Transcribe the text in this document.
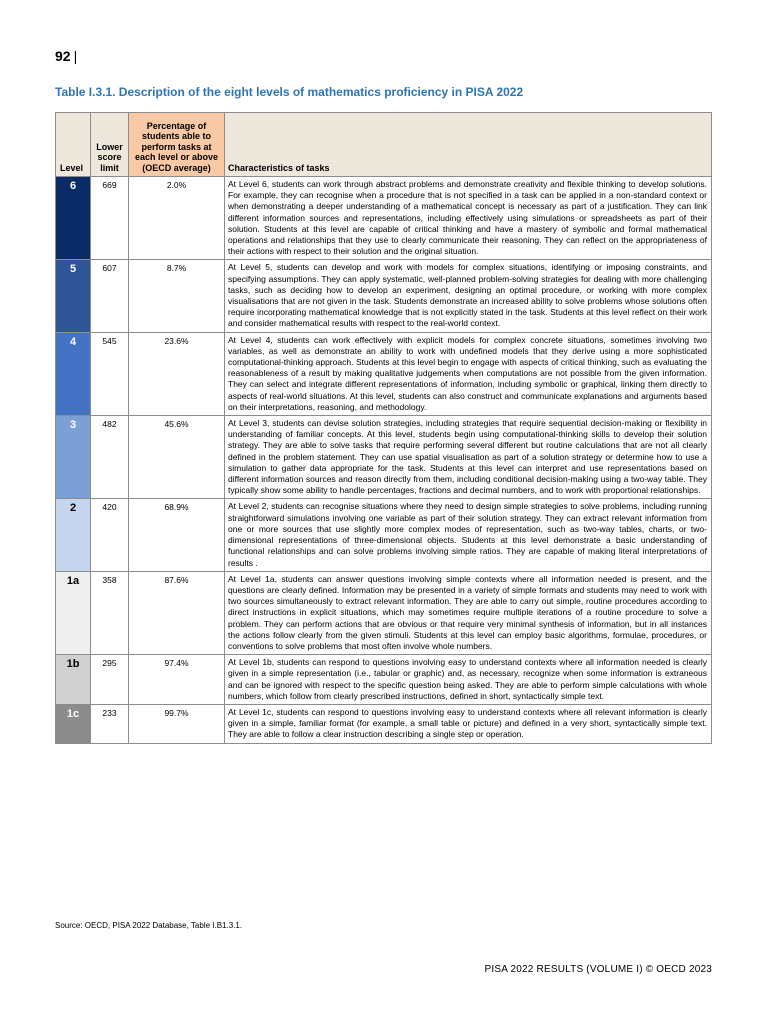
92 |
Table I.3.1. Description of the eight levels of mathematics proficiency in PISA 2022
Level	Lower score limit	Percentage of students able to perform tasks at each level or above (OECD average)	Characteristics of tasks
6	669	2.0%	At Level 6, students can work through abstract problems and demonstrate creativity and flexible thinking to develop solutions. For example, they can recognise when a procedure that is not specified in a task can be applied in a non-standard context or when demonstrating a deeper understanding of a mathematical concept is necessary as part of a justification. They can link different information sources and representations, including effectively using simulations or spreadsheets as part of their solution. Students at this level are capable of critical thinking and have a mastery of symbolic and formal mathematical operations and relationships that they use to clearly communicate their reasoning. They can reflect on the appropriateness of their actions with respect to their solution and the original situation.
5	607	8.7%	At Level 5, students can develop and work with models for complex situations, identifying or imposing constraints, and specifying assumptions. They can apply systematic, well-planned problem-solving strategies for dealing with more challenging tasks, such as deciding how to develop an experiment, designing an optimal procedure, or working with more complex visualisations that are not given in the task. Students demonstrate an increased ability to solve problems whose solutions often require incorporating mathematical knowledge that is not explicitly stated in the task. Students at this level reflect on their work and consider mathematical results with respect to the real-world context.
4	545	23.6%	At Level 4, students can work effectively with explicit models for complex concrete situations, sometimes involving two variables, as well as demonstrate an ability to work with undefined models that they derive using a more sophisticated computational-thinking approach. Students at this level begin to engage with aspects of critical thinking, such as evaluating the reasonableness of a result by making qualitative judgements when computations are not possible from the given information. They can select and integrate different representations of information, including symbolic or graphical, linking them directly to aspects of real-world situations. At this level, students can also construct and communicate explanations and arguments based on their interpretations, reasoning, and methodology.
3	482	45.6%	At Level 3, students can devise solution strategies, including strategies that require sequential decision-making or flexibility in understanding of familiar concepts. At this level, students begin using computational-thinking skills to develop their solution strategy. They are able to solve tasks that require performing several different but routine calculations that are not all clearly defined in the problem statement. They can use spatial visualisation as part of a solution strategy or determine how to use a simulation to gather data appropriate for the task. Students at this level can interpret and use representations based on different information sources and reason directly from them, including conditional decision-making using a two-way table. They typically show some ability to handle percentages, fractions and decimal numbers, and to work with proportional relationships.
2	420	68.9%	At Level 2, students can recognise situations where they need to design simple strategies to solve problems, including running straightforward simulations involving one variable as part of their solution strategy. They can extract relevant information from one or more sources that use slightly more complex modes of representation, such as two-way tables, charts, or two-dimensional representations of three-dimensional objects. Students at this level demonstrate a basic understanding of functional relationships and can solve problems involving simple ratios. They are capable of making literal interpretations of results .
1a	358	87.6%	At Level 1a, students can answer questions involving simple contexts where all information needed is present, and the questions are clearly defined. Information may be presented in a variety of simple formats and students may need to work with two sources simultaneously to extract relevant information. They are able to carry out simple, routine procedures according to direct instructions in explicit situations, which may sometimes require multiple iterations of a routine procedure to solve a problem. They can perform actions that are obvious or that require very minimal synthesis of information, but in all instances the actions follow clearly from the given stimuli. Students at this level can employ basic algorithms, formulae, procedures, or conventions to solve problems that most often involve whole numbers.
1b	295	97.4%	At Level 1b, students can respond to questions involving easy to understand contexts where all information needed is clearly given in a simple representation (i.e., tabular or graphic) and, as necessary, recognize when some information is extraneous and can be ignored with respect to the specific question being asked. They are able to perform simple calculations with whole numbers, which follow from clearly prescribed instructions, defined in short, syntactically simple text.
1c	233	99.7%	At Level 1c, students can respond to questions involving easy to understand contexts where all relevant information is clearly given in a simple, familiar format (for example, a small table or picture) and defined in a very short, syntactically simple text. They are able to follow a clear instruction describing a single step or operation.
Source: OECD, PISA 2022 Database, Table I.B1.3.1.
PISA 2022 RESULTS (VOLUME I) © OECD 2023
